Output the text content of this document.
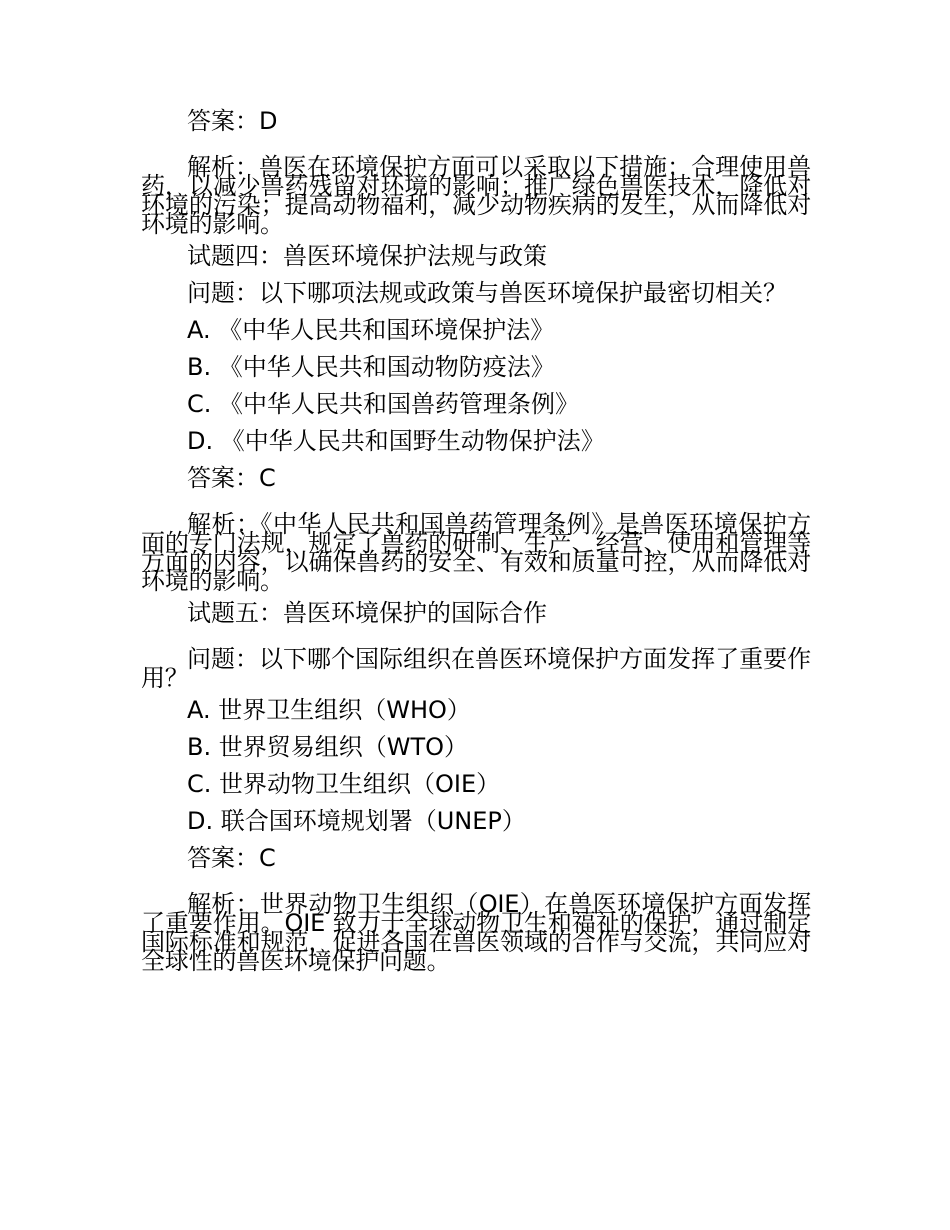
答案：D

解析：兽医在环境保护方面可以采取以下措施：合理使用兽药，以减少兽药残留对环境的影响；推广绿色兽医技术，降低对环境的污染；提高动物福利，减少动物疾病的发生，从而降低对环境的影响。

试题四：兽医环境保护法规与政策

问题：以下哪项法规或政策与兽医环境保护最密切相关？

A. 《中华人民共和国环境保护法》

B. 《中华人民共和国动物防疫法》

C. 《中华人民共和国兽药管理条例》

D. 《中华人民共和国野生动物保护法》

答案：C

解析：《中华人民共和国兽药管理条例》是兽医环境保护方面的专门法规，规定了兽药的研制、生产、经营、使用和管理等方面的内容，以确保兽药的安全、有效和质量可控，从而降低对环境的影响。

试题五：兽医环境保护的国际合作

问题：以下哪个国际组织在兽医环境保护方面发挥了重要作用？

A. 世界卫生组织（WHO）

B. 世界贸易组织（WTO）

C. 世界动物卫生组织（OIE）

D. 联合国环境规划署（UNEP）

答案：C

解析：世界动物卫生组织（OIE）在兽医环境保护方面发挥了重要作用。OIE 致力于全球动物卫生和福祉的保护，通过制定国际标准和规范，促进各国在兽医领域的合作与交流，共同应对全球性的兽医环境保护问题。
